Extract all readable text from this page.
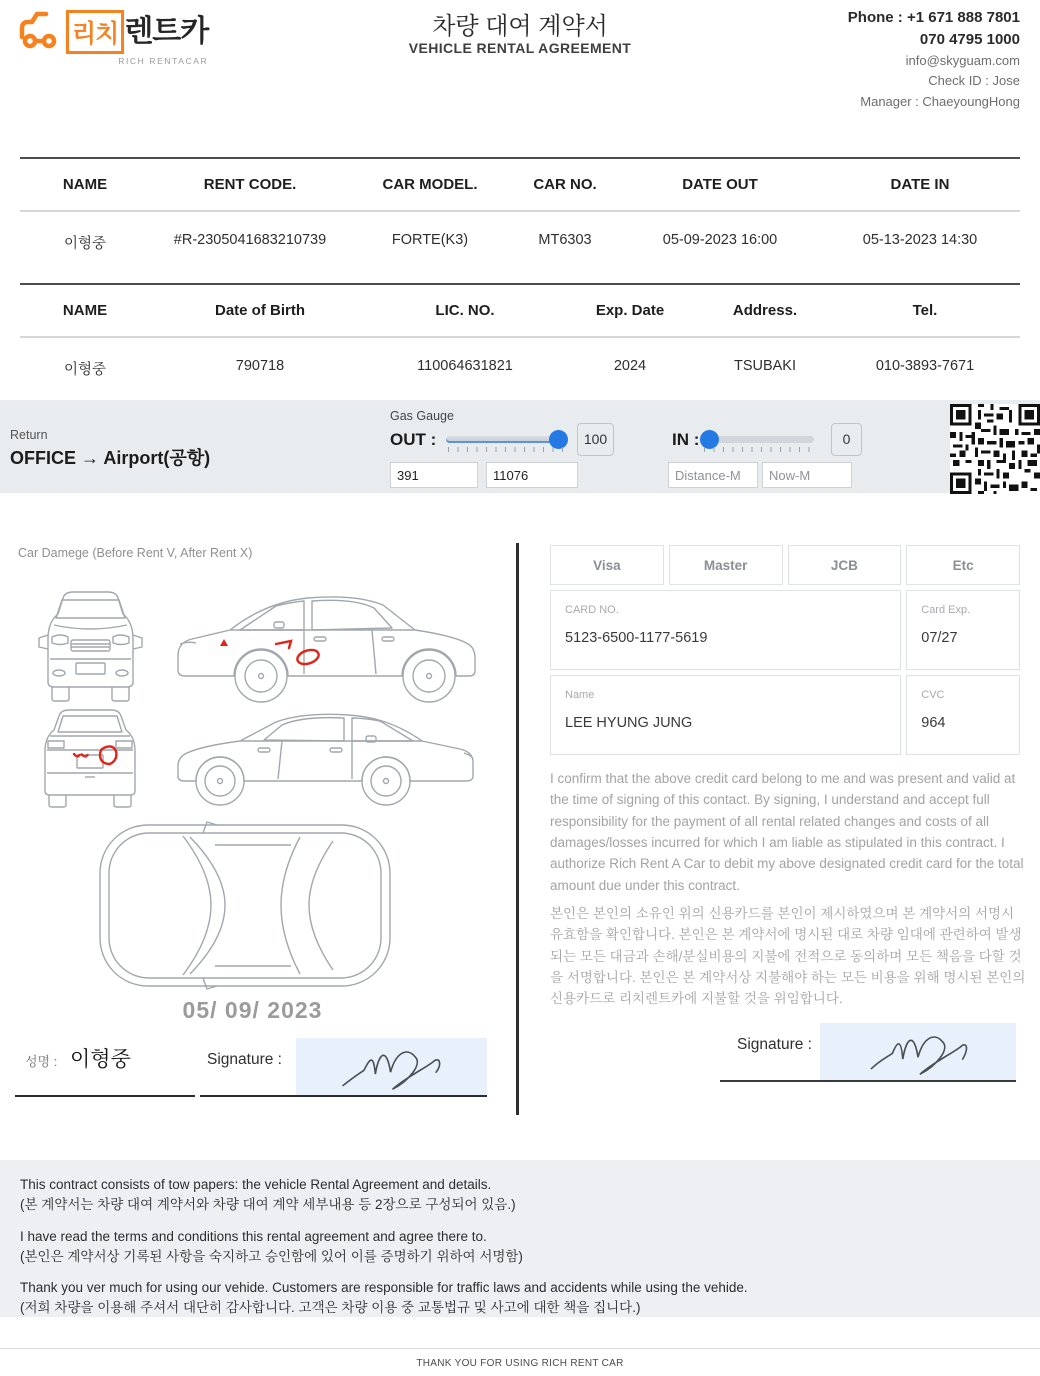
리치 렌트카
RICH RENTACAR
차량 대여 계약서
VEHICLE RENTAL AGREEMENT
Phone : +1 671 888 7801
070 4795 1000
info@skyguam.com
Check ID : Jose
Manager : ChaeyoungHong
NAME	RENT CODE.	CAR MODEL.	CAR NO.	DATE OUT	DATE IN
이형중	#R-2305041683210739	FORTE(K3)	MT6303	05-09-2023 16:00	05-13-2023 14:30
NAME	Date of Birth	LIC. NO.	Exp. Date	Address.	Tel.
이형중	790718	110064631821	2024	TSUBAKI	010-3893-7671
Return
OFFICE → Airport(공항)
Gas Gauge
OUT :	100
391
11076	IN :	0
Distance-M
Now-M
Car Damege (Before Rent V, After Rent X)
05/ 09/ 2023
성명 : 이형중	Signature :
Visa	Master	JCB	Etc
CARD NO.
5123-6500-1177-5619
Card Exp.
07/27
Name
LEE HYUNG JUNG
CVC
964
I confirm that the above credit card belong to me and was present and valid at the time of signing of this contact. By signing, I understand and accept full responsibility for the payment of all rental related changes and costs of all damages/losses incurred for which I am liable as stipulated in this contract. I authorize Rich Rent A Car to debit my above designated credit card for the total amount due under this contract.
본인은 본인의 소유인 위의 신용카드를 본인이 제시하였으며 본 계약서의 서명시 유효함을 확인합니다. 본인은 본 계약서에 명시된 대로 차량 임대에 관련하여 발생되는 모든 대금과 손해/분실비용의 지불에 전적으로 동의하며 모든 책음을 다할 것을 서명합니다. 본인은 본 계약서상 지불해야 하는 모든 비용을 위해 명시된 본인의 신용카드로 리치렌트카에 지불할 것을 위임합니다.
Signature :
This contract consists of tow papers: the vehicle Rental Agreement and details.
(본 계약서는 차량 대여 계약서와 차량 대여 계약 세부내용 등 2장으로 구성되어 있음.)
I have read the terms and conditions this rental agreement and agree there to.
(본인은 계약서상 기록된 사항을 숙지하고 승인함에 있어 이를 증명하기 위하여 서명함)
Thank you ver much for using our vehide. Customers are responsible for traffic laws and accidents while using the vehide.
(저희 차량을 이용해 주셔서 대단히 감사합니다. 고객은 차량 이용 중 교통법규 및 사고에 대한 책을 집니다.)
THANK YOU FOR USING RICH RENT CAR
